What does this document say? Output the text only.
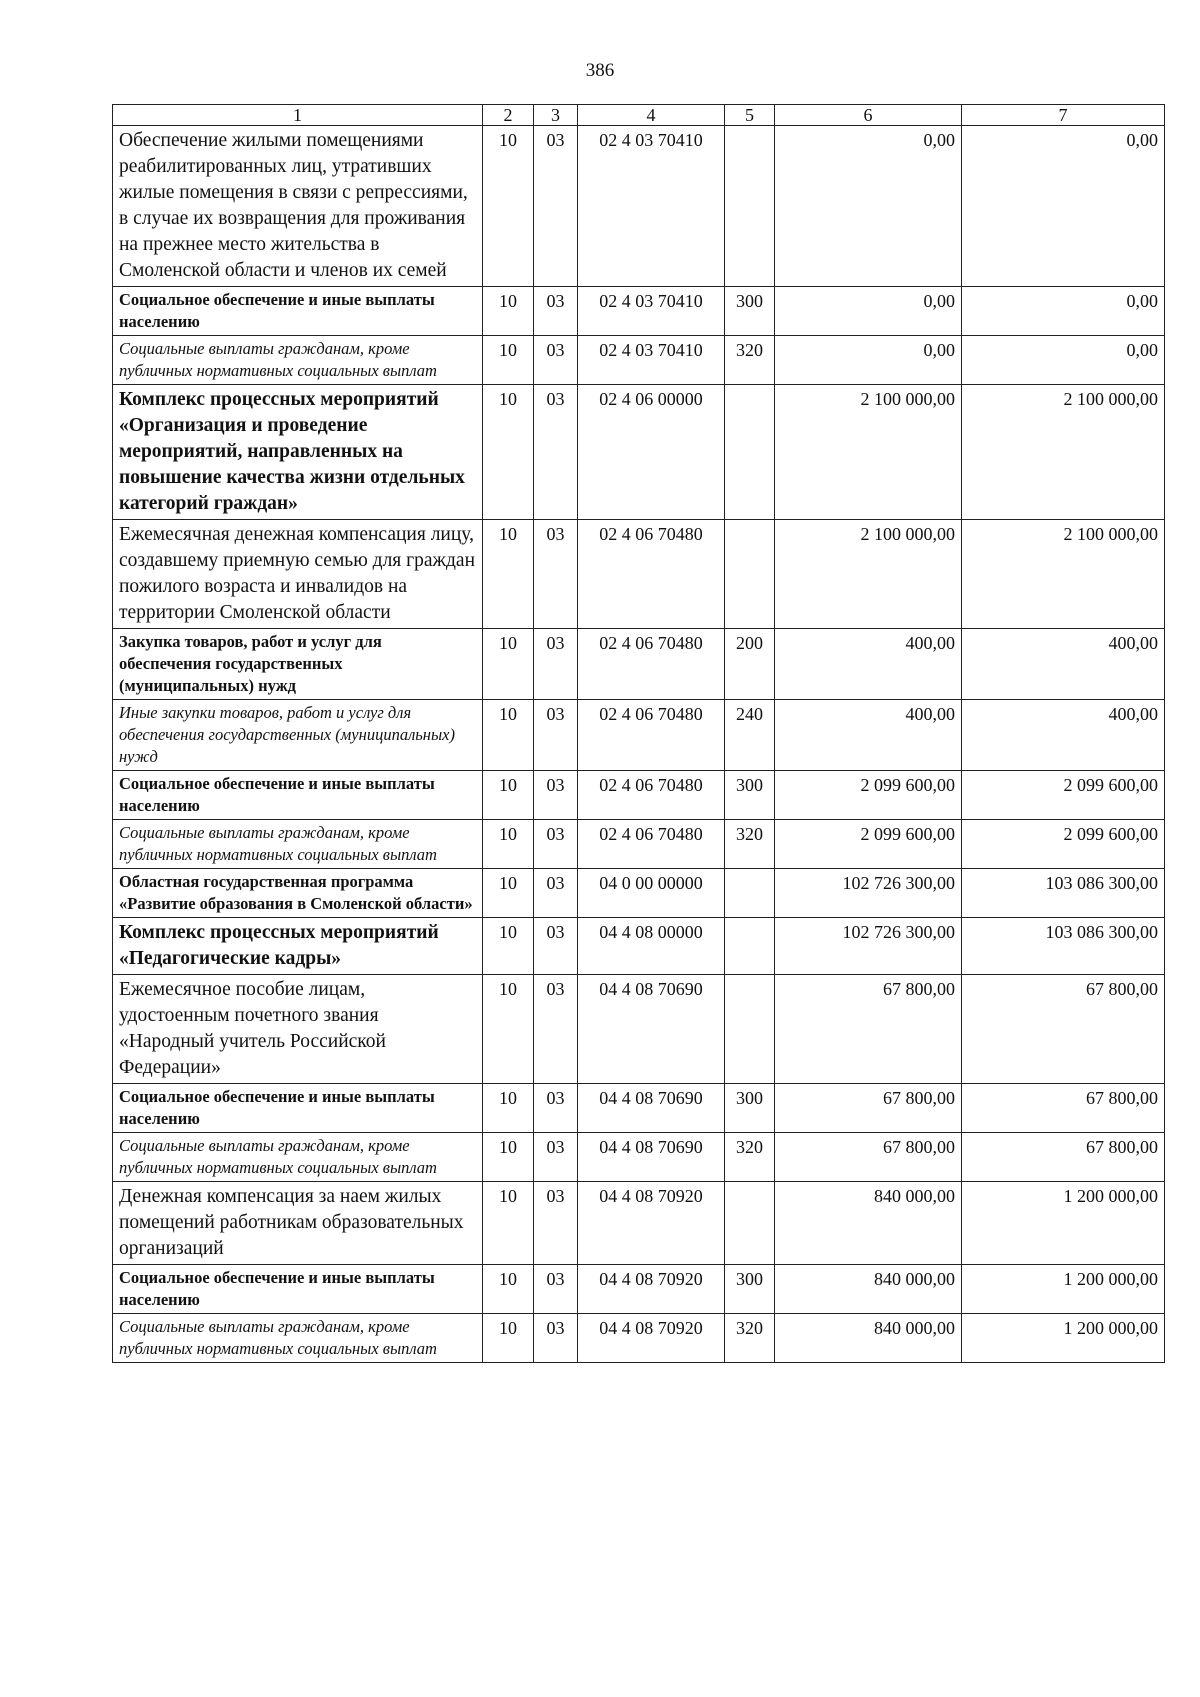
386
1	2	3	4	5	6	7
Обеспечение жилыми помещениями реабилитированных лиц, утративших жилые помещения в связи с репрессиями, в случае их возвращения для проживания на прежнее место жительства в Смоленской области и членов их семей	10	03	02 4 03 70410		0,00	0,00
Социальное обеспечение и иные выплаты населению	10	03	02 4 03 70410	300	0,00	0,00
Социальные выплаты гражданам, кроме публичных нормативных социальных выплат	10	03	02 4 03 70410	320	0,00	0,00
Комплекс процессных мероприятий «Организация и проведение мероприятий, направленных на повышение качества жизни отдельных категорий граждан»	10	03	02 4 06 00000		2 100 000,00	2 100 000,00
Ежемесячная денежная компенсация лицу, создавшему приемную семью для граждан пожилого возраста и инвалидов на территории Смоленской области	10	03	02 4 06 70480		2 100 000,00	2 100 000,00
Закупка товаров, работ и услуг для обеспечения государственных (муниципальных) нужд	10	03	02 4 06 70480	200	400,00	400,00
Иные закупки товаров, работ и услуг для обеспечения государственных (муниципальных) нужд	10	03	02 4 06 70480	240	400,00	400,00
Социальное обеспечение и иные выплаты населению	10	03	02 4 06 70480	300	2 099 600,00	2 099 600,00
Социальные выплаты гражданам, кроме публичных нормативных социальных выплат	10	03	02 4 06 70480	320	2 099 600,00	2 099 600,00
Областная государственная программа «Развитие образования в Смоленской области»	10	03	04 0 00 00000		102 726 300,00	103 086 300,00
Комплекс процессных мероприятий «Педагогические кадры»	10	03	04 4 08 00000		102 726 300,00	103 086 300,00
Ежемесячное пособие лицам, удостоенным почетного звания «Народный учитель Российской Федерации»	10	03	04 4 08 70690		67 800,00	67 800,00
Социальное обеспечение и иные выплаты населению	10	03	04 4 08 70690	300	67 800,00	67 800,00
Социальные выплаты гражданам, кроме публичных нормативных социальных выплат	10	03	04 4 08 70690	320	67 800,00	67 800,00
Денежная компенсация за наем жилых помещений работникам образовательных организаций	10	03	04 4 08 70920		840 000,00	1 200 000,00
Социальное обеспечение и иные выплаты населению	10	03	04 4 08 70920	300	840 000,00	1 200 000,00
Социальные выплаты гражданам, кроме публичных нормативных социальных выплат	10	03	04 4 08 70920	320	840 000,00	1 200 000,00
